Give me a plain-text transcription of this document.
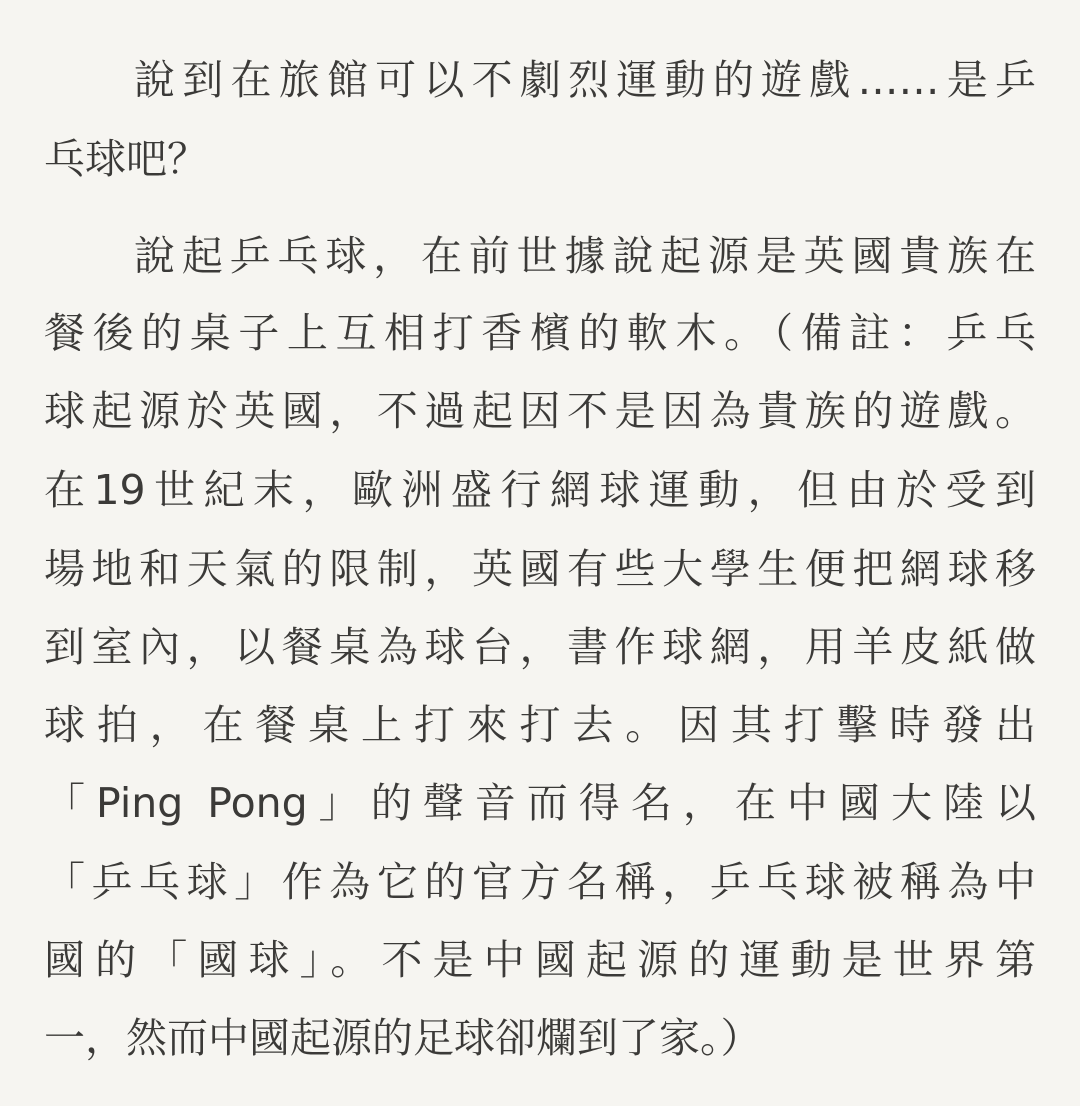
說到在旅館可以不劇烈運動的遊戲……是乒
乓球吧？
說起乒乓球，在前世據說起源是英國貴族在
餐後的桌子上互相打香檳的軟木。（備註：乒乓
球起源於英國，不過起因不是因為貴族的遊戲。
在19世紀末，歐洲盛行網球運動，但由於受到
場地和天氣的限制，英國有些大學生便把網球移
到室內，以餐桌為球台，書作球網，用羊皮紙做
球拍，在餐桌上打來打去。因其打擊時發出
「Ping Pong」的聲音而得名，在中國大陸以
「乒乓球」作為它的官方名稱，乒乓球被稱為中
國的「國球」。不是中國起源的運動是世界第
一，然而中國起源的足球卻爛到了家。）
